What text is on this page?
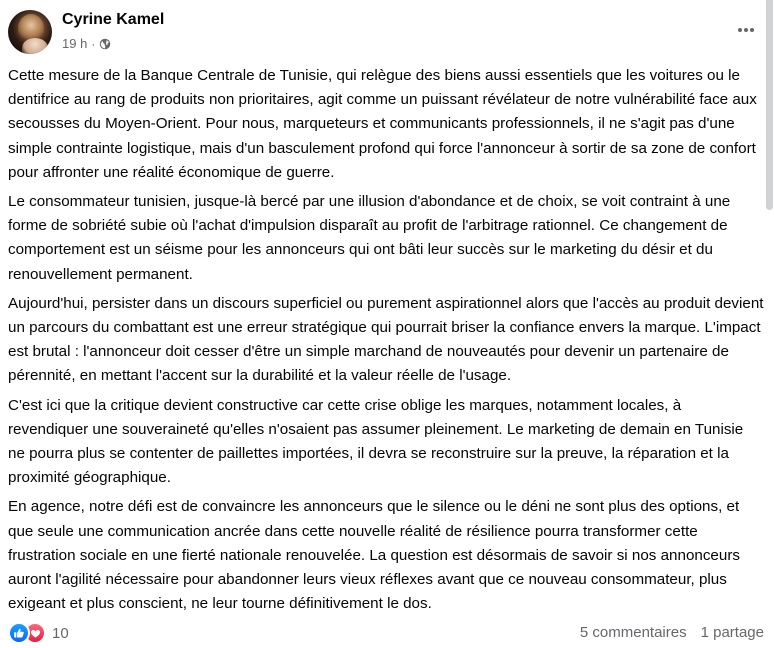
Cyrine Kamel
19 h ·

Cette mesure de la Banque Centrale de Tunisie, qui relègue des biens aussi essentiels que les voitures ou le dentifrice au rang de produits non prioritaires, agit comme un puissant révélateur de notre vulnérabilité face aux secousses du Moyen-Orient. Pour nous, marqueteurs et communicants professionnels, il ne s'agit pas d'une simple contrainte logistique, mais d'un basculement profond qui force l'annonceur à sortir de sa zone de confort pour affronter une réalité économique de guerre.

Le consommateur tunisien, jusque-là bercé par une illusion d'abondance et de choix, se voit contraint à une forme de sobriété subie où l'achat d'impulsion disparaît au profit de l'arbitrage rationnel. Ce changement de comportement est un séisme pour les annonceurs qui ont bâti leur succès sur le marketing du désir et du renouvellement permanent.

Aujourd'hui, persister dans un discours superficiel ou purement aspirationnel alors que l'accès au produit devient un parcours du combattant est une erreur stratégique qui pourrait briser la confiance envers la marque. L'impact est brutal : l'annonceur doit cesser d'être un simple marchand de nouveautés pour devenir un partenaire de pérennité, en mettant l'accent sur la durabilité et la valeur réelle de l'usage.

C'est ici que la critique devient constructive car cette crise oblige les marques, notamment locales, à revendiquer une souveraineté qu'elles n'osaient pas assumer pleinement. Le marketing de demain en Tunisie ne pourra plus se contenter de paillettes importées, il devra se reconstruire sur la preuve, la réparation et la proximité géographique.

En agence, notre défi est de convaincre les annonceurs que le silence ou le déni ne sont plus des options, et que seule une communication ancrée dans cette nouvelle réalité de résilience pourra transformer cette frustration sociale en une fierté nationale renouvelée. La question est désormais de savoir si nos annonceurs auront l'agilité nécessaire pour abandonner leurs vieux réflexes avant que ce nouveau consommateur, plus exigeant et plus conscient, ne leur tourne définitivement le dos.

10	5 commentaires 1 partage
